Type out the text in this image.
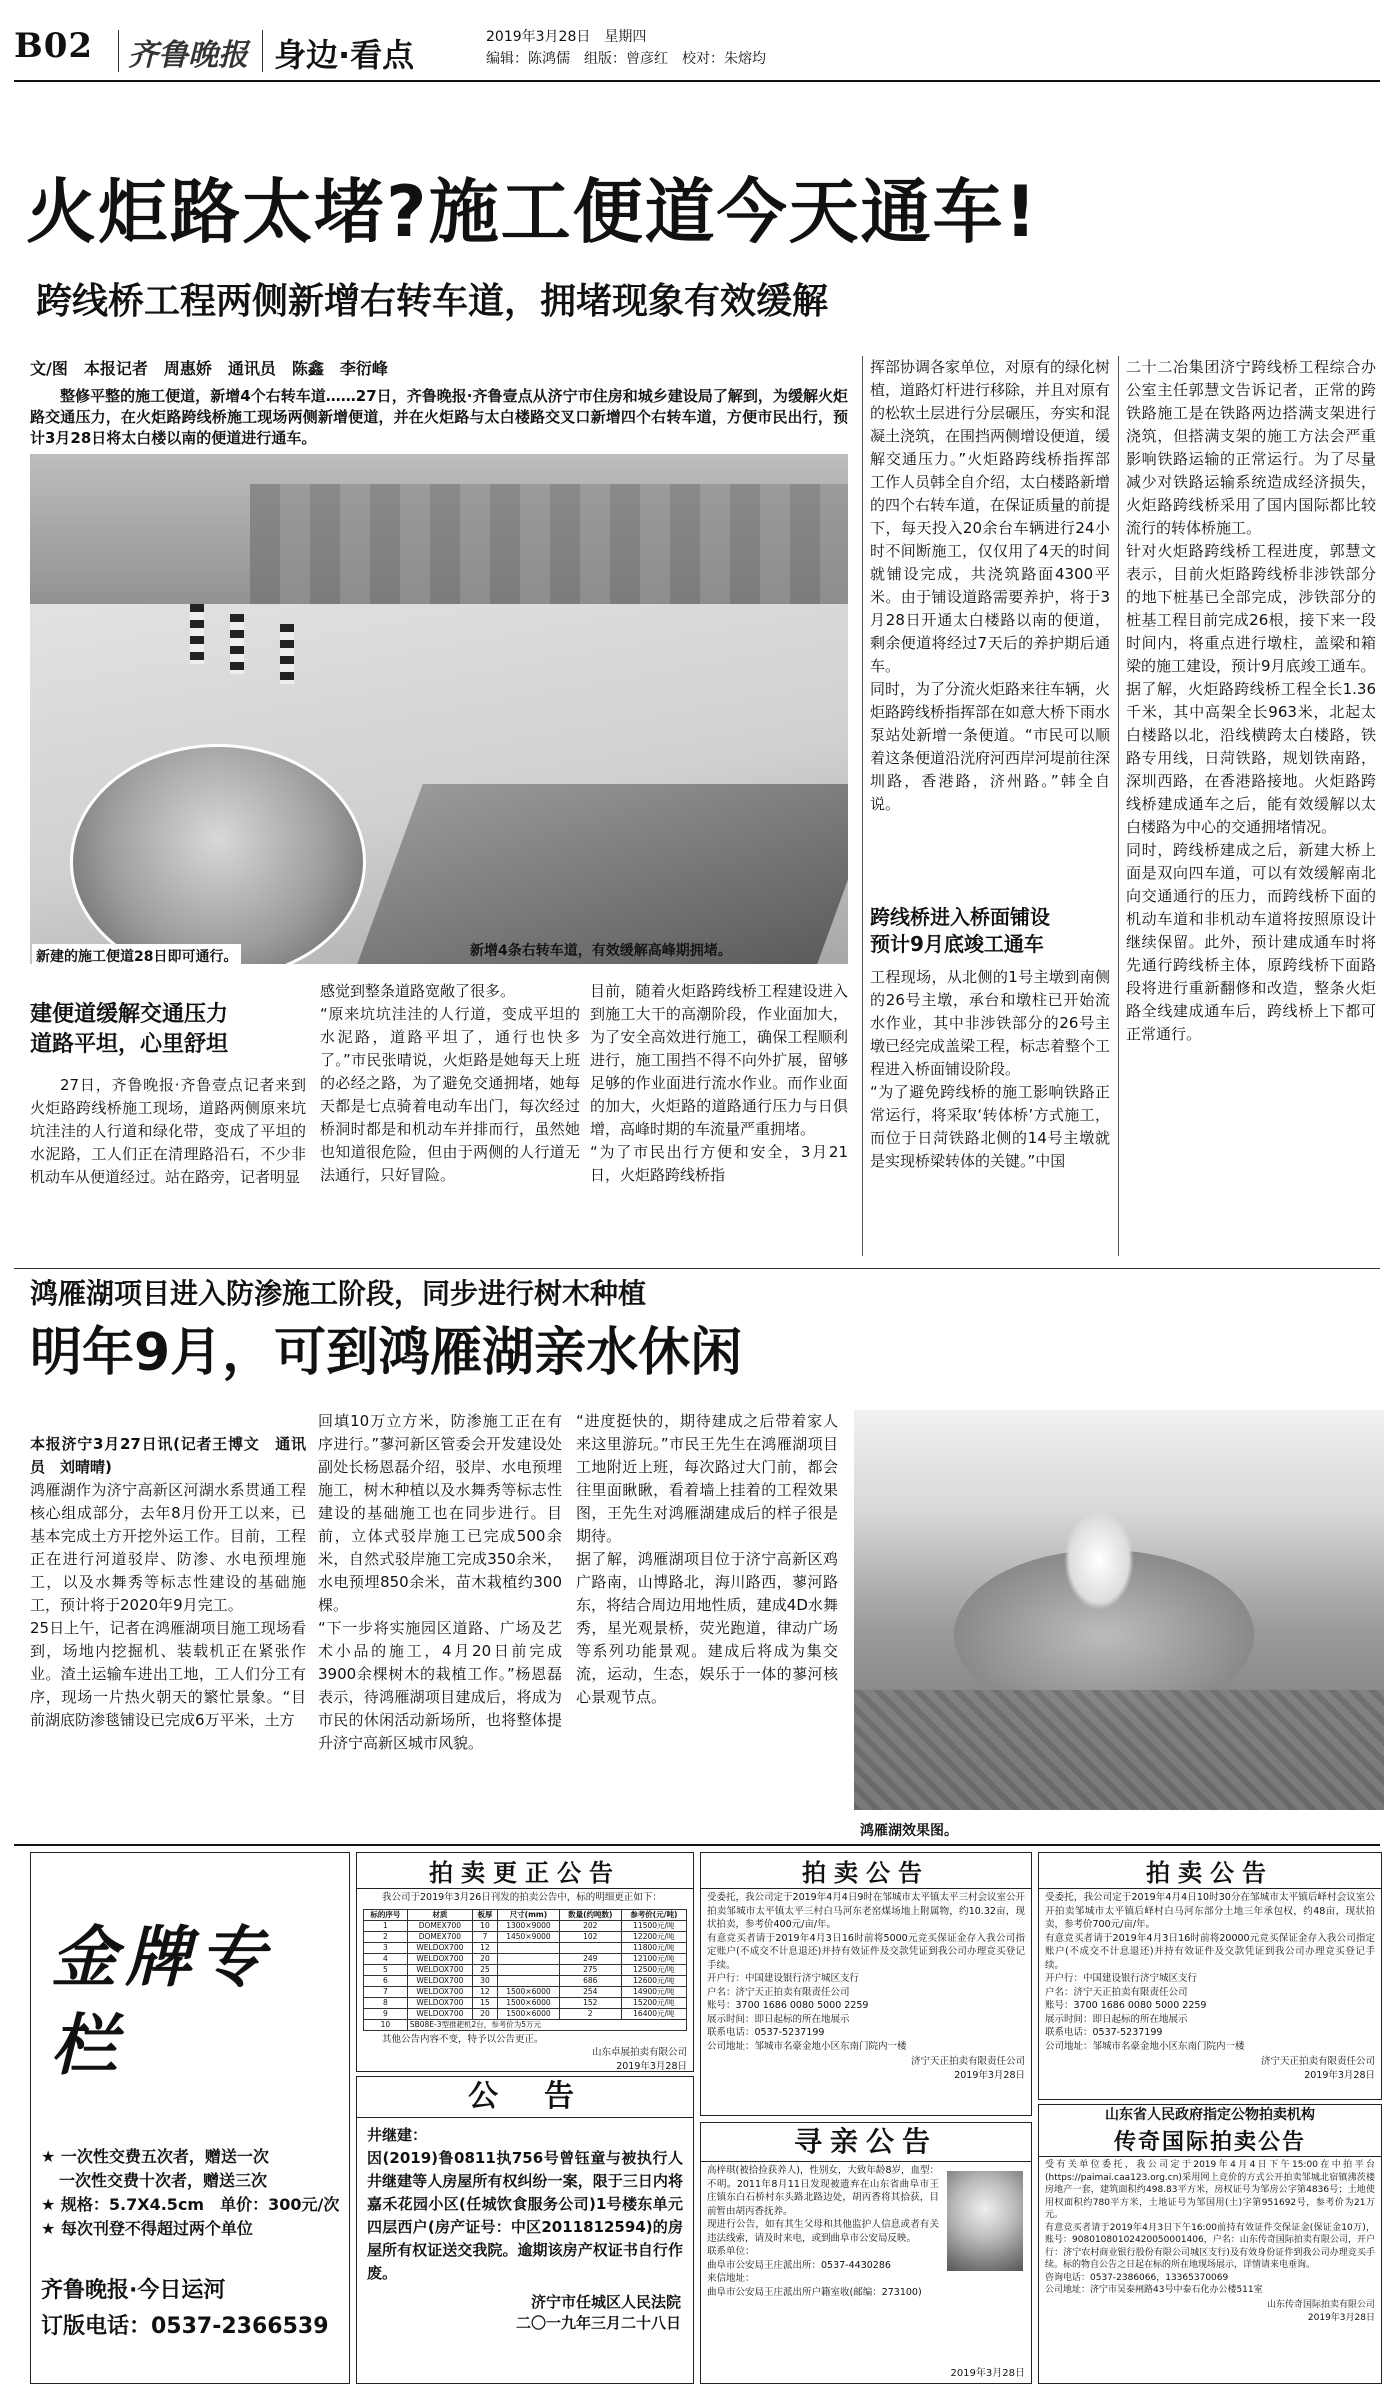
B02 齐鲁晚报 身边·看点	2019年3月28日　星期四
编辑：陈鸿儒　组版：曾彦红　校对：朱熔均
火炬路太堵?施工便道今天通车!
跨线桥工程两侧新增右转车道，拥堵现象有效缓解
文/图　本报记者　周惠娇　通讯员　陈鑫　李衍峰

整修平整的施工便道，新增4个右转车道……27日，齐鲁晚报·齐鲁壹点从济宁市住房和城乡建设局了解到，为缓解火炬路交通压力，在火炬路跨线桥施工现场两侧新增便道，并在火炬路与太白楼路交叉口新增四个右转车道，方便市民出行，预计3月28日将太白楼以南的便道进行通车。

新建的施工便道28日即可通行。	新增4条右转车道，有效缓解高峰期拥堵。
建便道缓解交通压力
道路平坦，心里舒坦

27日，齐鲁晚报·齐鲁壹点记者来到火炬路跨线桥施工现场，道路两侧原来坑坑洼洼的人行道和绿化带，变成了平坦的水泥路，工人们正在清理路沿石，不少非机动车从便道经过。站在路旁，记者明显

感觉到整条道路宽敞了很多。
“原来坑坑洼洼的人行道，变成平坦的水泥路，道路平坦了，通行也快多了。”市民张晴说，火炬路是她每天上班的必经之路，为了避免交通拥堵，她每天都是七点骑着电动车出门，每次经过桥洞时都是和机动车并排而行，虽然她也知道很危险，但由于两侧的人行道无法通行，只好冒险。
目前，随着火炬路跨线桥工程建设进入到施工大干的高潮阶段，作业面加大，为了安全高效进行施工，确保工程顺利进行，施工围挡不得不向外扩展，留够足够的作业面进行流水作业。而作业面的加大，火炬路的道路通行压力与日俱增，高峰时期的车流量严重拥堵。
“为了市民出行方便和安全，3月21日，火炬路跨线桥指
挥部协调各家单位，对原有的绿化树植，道路灯杆进行移除，并且对原有的松软土层进行分层碾压，夯实和混凝土浇筑，在围挡两侧增设便道，缓解交通压力。”火炬路跨线桥指挥部工作人员韩全自介绍，太白楼路新增的四个右转车道，在保证质量的前提下，每天投入20余台车辆进行24小时不间断施工，仅仅用了4天的时间就铺设完成，共浇筑路面4300平米。由于铺设道路需要养护，将于3月28日开通太白楼路以南的便道，剩余便道将经过7天后的养护期后通车。
同时，为了分流火炬路来往车辆，火炬路跨线桥指挥部在如意大桥下雨水泵站处新增一条便道。“市民可以顺着这条便道沿洸府河西岸河堤前往深圳路，香港路，济州路。”韩全自说。
跨线桥进入桥面铺设
预计9月底竣工通车
工程现场，从北侧的1号主墩到南侧的26号主墩，承台和墩柱已开始流水作业，其中非涉铁部分的26号主墩已经完成盖梁工程，标志着整个工程进入桥面铺设阶段。
“为了避免跨线桥的施工影响铁路正常运行，将采取‘转体桥’方式施工，而位于日菏铁路北侧的14号主墩就是实现桥梁转体的关键。”中国
二十二冶集团济宁跨线桥工程综合办公室主任郭慧文告诉记者，正常的跨铁路施工是在铁路两边搭满支架进行浇筑，但搭满支架的施工方法会严重影响铁路运输的正常运行。为了尽量减少对铁路运输系统造成经济损失，火炬路跨线桥采用了国内国际都比较流行的转体桥施工。
针对火炬路跨线桥工程进度，郭慧文表示，目前火炬路跨线桥非涉铁部分的地下桩基已全部完成，涉铁部分的桩基工程目前完成26根，接下来一段时间内，将重点进行墩柱，盖梁和箱梁的施工建设，预计9月底竣工通车。
据了解，火炬路跨线桥工程全长1.36千米，其中高架全长963米，北起太白楼路以北，沿线横跨太白楼路，铁路专用线，日菏铁路，规划铁南路，深圳西路，在香港路接地。火炬路跨线桥建成通车之后，能有效缓解以太白楼路为中心的交通拥堵情况。
同时，跨线桥建成之后，新建大桥上面是双向四车道，可以有效缓解南北向交通通行的压力，而跨线桥下面的机动车道和非机动车道将按照原设计继续保留。此外，预计建成通车时将先通行跨线桥主体，原跨线桥下面路段将进行重新翻修和改造，整条火炬路全线建成通车后，跨线桥上下都可正常通行。
鸿雁湖项目进入防渗施工阶段，同步进行树木种植
明年9月，可到鸿雁湖亲水休闲

本报济宁3月27日讯(记者王博文　通讯员　刘晴晴)
鸿雁湖作为济宁高新区河湖水系贯通工程核心组成部分，去年8月份开工以来，已基本完成土方开挖外运工作。目前，工程正在进行河道驳岸、防渗、水电预埋施工，以及水舞秀等标志性建设的基础施工，预计将于2020年9月完工。
25日上午，记者在鸿雁湖项目施工现场看到，场地内挖掘机、装载机正在紧张作业。渣土运输车进出工地，工人们分工有序，现场一片热火朝天的繁忙景象。“目前湖底防渗毯铺设已完成6万平米，土方

回填10万立方米，防渗施工正在有序进行。”蓼河新区管委会开发建设处副处长杨恩磊介绍，驳岸、水电预埋施工，树木种植以及水舞秀等标志性建设的基础施工也在同步进行。目前，立体式驳岸施工已完成500余米，自然式驳岸施工完成350余米，水电预埋850余米，苗木栽植约300棵。
“下一步将实施园区道路、广场及艺术小品的施工，4月20日前完成3900余棵树木的栽植工作。”杨恩磊表示，待鸿雁湖项目建成后，将成为市民的休闲活动新场所，也将整体提升济宁高新区城市风貌。
“进度挺快的，期待建成之后带着家人来这里游玩。”市民王先生在鸿雁湖项目工地附近上班，每次路过大门前，都会往里面瞅瞅，看着墙上挂着的工程效果图，王先生对鸿雁湖建成后的样子很是期待。
据了解，鸿雁湖项目位于济宁高新区鸡广路南，山博路北，海川路西，蓼河路东，将结合周边用地性质，建成4D水舞秀，星光观景桥，荧光跑道，律动广场等系列功能景观。建成后将成为集交流，运动，生态，娱乐于一体的蓼河核心景观节点。
鸿雁湖效果图。
金牌专栏
★ 一次性交费五次者，赠送一次
一次性交费十次者，赠送三次
★ 规格：5.7X4.5cm　单价：300元/次
★ 每次刊登不得超过两个单位
齐鲁晚报·今日运河
订版电话：0537-2366539
拍卖更正公告

我公司于2019年3月26日刊发的拍卖公告中，标的明细更正如下：

标的序号	材质	板厚	尺寸(mm)	数量(约吨数)	参考价(元/吨)
1	DOMEX700	10	1300×9000	202	11500元/吨
2	DOMEX700	7	1450×9000	102	12200元/吨
3	WELDOX700	12			11800元/吨
4	WELDOX700	20		249	12100元/吨
5	WELDOX700	25		275	12500元/吨
6	WELDOX700	30		686	12600元/吨
7	WELDOX700	12	1500×6000	254	14900元/吨
8	WELDOX700	15	1500×6000	152	15200元/吨
9	WELDOX700	20	1500×6000	2	16400元/吨
10	SB08E-3型推耙机2台，参考价为5万元				

其他公告内容不变，特予以公告更正。

山东卓展拍卖有限公司
2019年3月28日
公　告
井继建：
因(2019)鲁0811执756号曾钰童与被执行人井继建等人房屋所有权纠纷一案，限于三日内将嘉禾花园小区(任城饮食服务公司)1号楼东单元四层西户(房产证号：中区2011812594)的房屋所有权证送交我院。逾期该房产权证书自行作废。
济宁市任城区人民法院
二〇一九年三月二十八日
拍卖公告
受委托，我公司定于2019年4月4日9时在邹城市太平镇太平三村会议室公开拍卖邹城市太平镇太平三村白马河东老窑煤场地上附属物，约10.32亩，现状拍卖，参考价400元/亩/年。
有意竞买者请于2019年4月3日16时前将5000元竞买保证金存入我公司指定账户(不成交不计息退还)并持有效证件及交款凭证到我公司办理竞买登记手续。
开户行：中国建设银行济宁城区支行
户名：济宁天正拍卖有限责任公司
账号：3700 1686 0080 5000 2259
展示时间：即日起标的所在地展示
联系电话：0537-5237199
公司地址：邹城市名豪金地小区东南门院内一楼
济宁天正拍卖有限责任公司
2019年3月28日
寻亲公告
高梓琪(被拾捡获养人)，性别女，大致年龄8岁，血型：不明。2011年8月11日发现被遗弃在山东省曲阜市王庄镇东白石桥村东头路北路边处，胡丙香将其拾获，目前暂由胡丙香抚养。
现进行公告，如有其生父母和其他监护人信息或者有关违法线索，请及时来电，或到曲阜市公安局反映。
联系单位：
曲阜市公安局王庄派出所：0537-4430286
来信地址：
曲阜市公安局王庄派出所户籍室收(邮编：273100)
2019年3月28日
拍卖公告
受委托，我公司定于2019年4月4日10时30分在邹城市太平镇后峄村会议室公开拍卖邹城市太平镇后峄村白马河东部分土地三年承包权，约48亩，现状拍卖，参考价700元/亩/年。
有意竞买者请于2019年4月3日16时前将20000元竞买保证金存入我公司指定账户(不成交不计息退还)并持有效证件及交款凭证到我公司办理竞买登记手续。
开户行：中国建设银行济宁城区支行
户名：济宁天正拍卖有限责任公司
账号：3700 1686 0080 5000 2259
展示时间：即日起标的所在地展示
联系电话：0537-5237199
公司地址：邹城市名豪金地小区东南门院内一楼
济宁天正拍卖有限责任公司
2019年3月28日
山东省人民政府指定公物拍卖机构
传奇国际拍卖公告
受有关单位委托，我公司定于2019年4月4日下午15:00在中拍平台(https://paimai.caa123.org.cn)采用网上竞价的方式公开拍卖邹城北宿镇沸茨楼房地产一套，建筑面积约498.83平方米，房权证号为邹房公字第4836号；土地使用权面积约780平方米，土地证号为邹国用(土)字第951692号，参考价为21万元。
有意竞买者请于2019年4月3日下午16:00前持有效证件交保证金(保证金10万)，账号：90801080102420050001406，户名：山东传奇国际拍卖有限公司，开户行：济宁农村商业银行股份有限公司城区支行)及有效身份证件到我公司办理竞买手续。标的物自公告之日起在标的所在地现场展示，详情请来电垂询。
咨询电话：0537-2386066，13365370069
公司地址：济宁市吴泰闸路43号中泰石化办公楼511室
山东传奇国际拍卖有限公司
2019年3月28日
